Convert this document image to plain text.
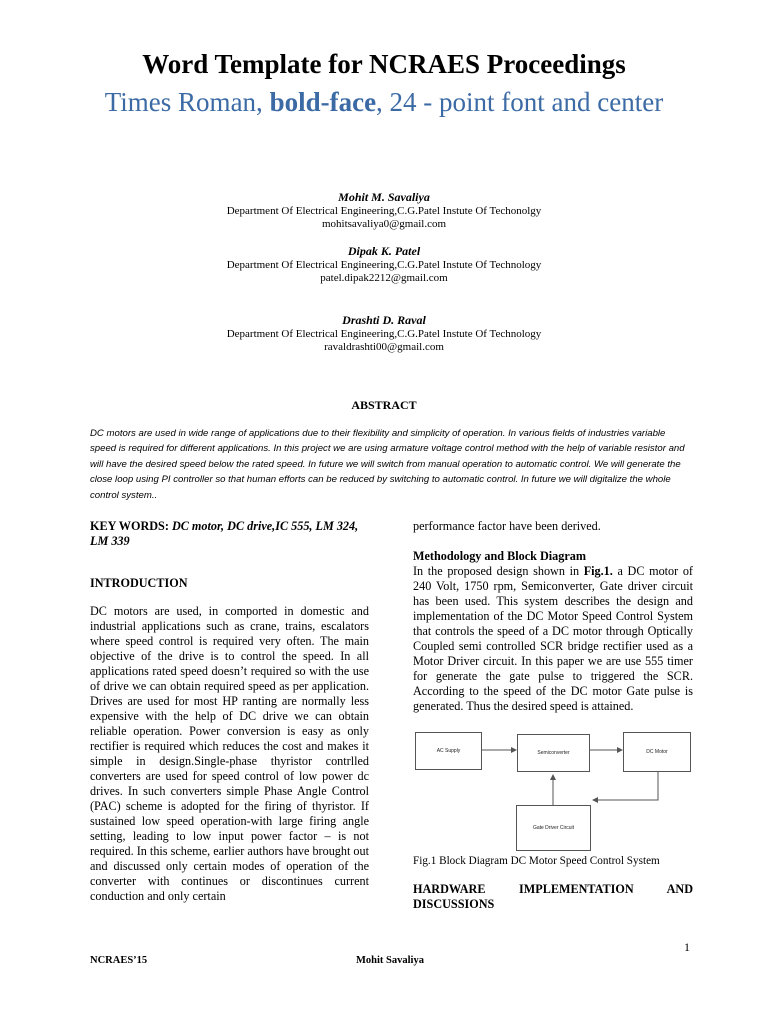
Word Template for NCRAES Proceedings
Times Roman, bold-face, 24 - point font and center
Mohit M. Savaliya
Department Of Electrical Engineering,C.G.Patel Instute Of Techonolgy
mohitsavaliya0@gmail.com
Dipak K. Patel
Department Of Electrical Engineering,C.G.Patel Instute Of Technology
patel.dipak2212@gmail.com
Drashti D. Raval
Department Of Electrical Engineering,C.G.Patel Instute Of Technology
ravaldrashti00@gmail.com
ABSTRACT
DC motors are used in wide range of applications due to their flexibility and simplicity of operation. In various fields of industries variable speed is required for different applications. In this project we are using armature voltage control method with the help of variable resistor and will have the desired speed below the rated speed. In future we will switch from manual operation to automatic control. We will generate the close loop using PI controller so that human efforts can be reduced by switching to automatic control. In future we will digitalize the whole control system..
KEY WORDS: DC motor, DC drive,IC 555, LM 324, LM 339
INTRODUCTION
DC motors are used, in comported in domestic and industrial applications such as crane, trains, escalators where speed control is required very often. The main objective of the drive is to control the speed. In all applications rated speed doesn’t required so with the use of drive we can obtain required speed as per application. Drives are used for most HP ranting are normally less expensive with the help of DC drive we can obtain reliable operation. Power conversion is easy as only rectifier is required which reduces the cost and makes it simple in design.Single-phase thyristor contrlled converters are used for speed control of low power dc drives. In such converters simple Phase Angle Control (PAC) scheme is adopted for the firing of thyristor. If sustained low speed operation-with large firing angle setting, leading to low input power factor – is not required. In this scheme, earlier authors have brought out and discussed only certain modes of operation of the converter with continues or discontinues current conduction and only certain
performance factor have been derived.
Methodology and Block Diagram
In the proposed design shown in Fig.1. a DC motor of 240 Volt, 1750 rpm, Semiconverter, Gate driver circuit has been used. This system describes the design and implementation of the DC Motor Speed Control System that controls the speed of a DC motor through Optically Coupled semi controlled SCR bridge rectifier used as a Motor Driver circuit. In this paper we are use 555 timer for generate the gate pulse to triggered the SCR. According to the speed of the DC motor Gate pulse is generated. Thus the desired speed is attained.
AC Supply	Semiconverter	DC Motor
Gate Driver Circuit
Fig.1 Block Diagram DC Motor Speed Control System
HARDWARE IMPLEMENTATION AND
DISCUSSIONS
1
NCRAES’15	Mohit Savaliya
